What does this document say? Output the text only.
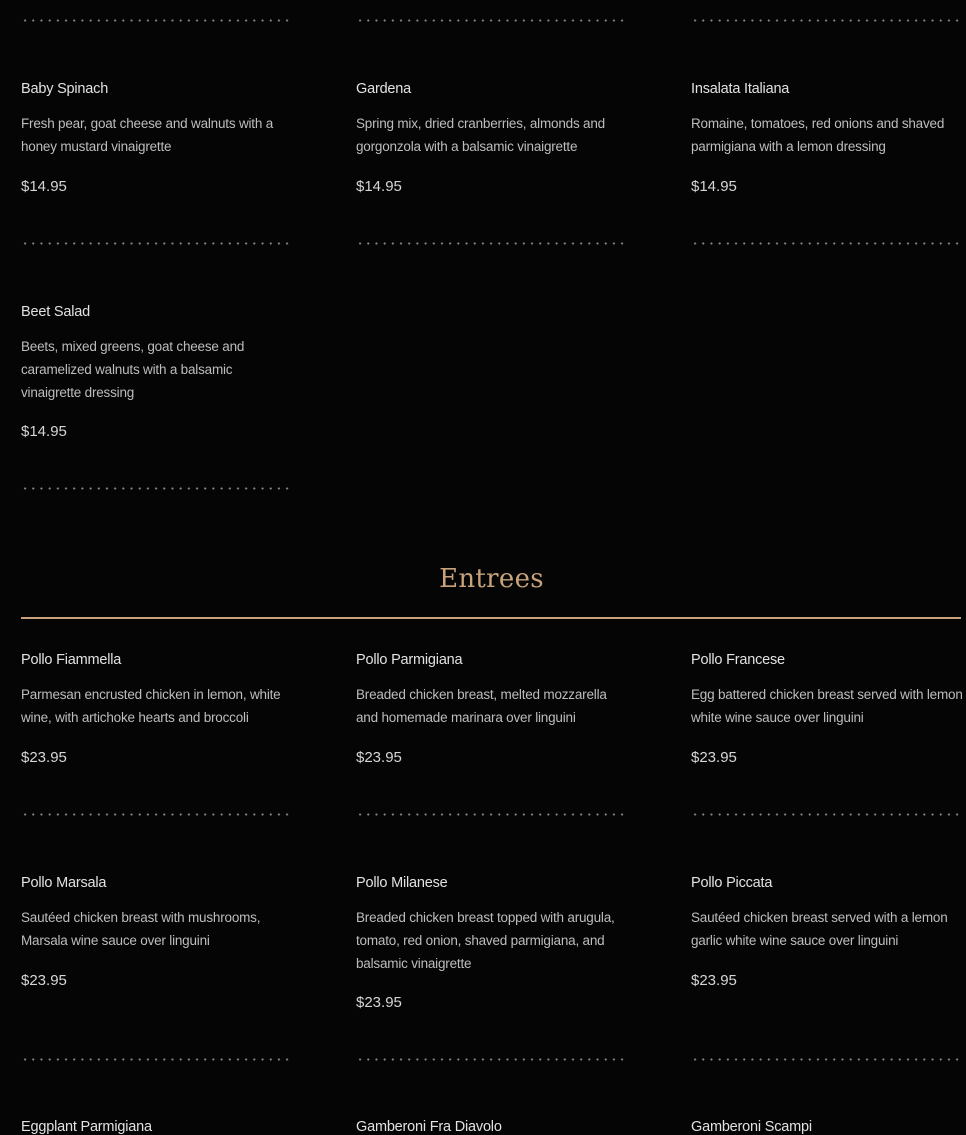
Baby Spinach
Fresh pear, goat cheese and walnuts with a honey mustard vinaigrette
$14.95
Gardena
Spring mix, dried cranberries, almonds and gorgonzola with a balsamic vinaigrette
$14.95
Insalata Italiana
Romaine, tomatoes, red onions and shaved parmigiana with a lemon dressing
$14.95
Beet Salad
Beets, mixed greens, goat cheese and caramelized walnuts with a balsamic vinaigrette dressing
$14.95
Entrees
Pollo Fiammella
Parmesan encrusted chicken in lemon, white wine, with artichoke hearts and broccoli
$23.95
Pollo Parmigiana
Breaded chicken breast, melted mozzarella and homemade marinara over linguini
$23.95
Pollo Francese
Egg battered chicken breast served with lemon white wine sauce over linguini
$23.95
Pollo Marsala
Sautéed chicken breast with mushrooms, Marsala wine sauce over linguini
$23.95
Pollo Milanese
Breaded chicken breast topped with arugula, tomato, red onion, shaved parmigiana, and balsamic vinaigrette
$23.95
Pollo Piccata
Sautéed chicken breast served with a lemon garlic white wine sauce over linguini
$23.95
Eggplant Parmigiana	Gamberoni Fra Diavolo	Gamberoni Scampi
